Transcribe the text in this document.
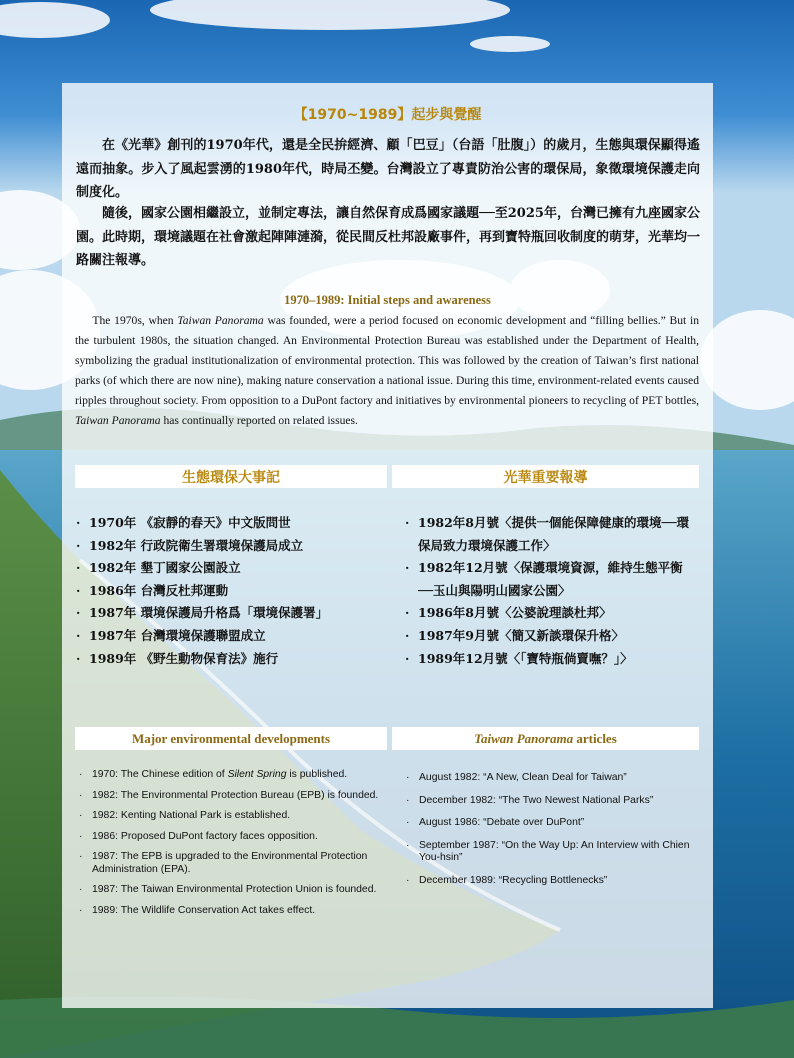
【1970~1989】起步與覺醒

在《光華》創刊的1970年代，還是全民拚經濟、顧「巴豆」（台語「肚腹」）的歲月，生態與環保顯得遙遠而抽象。步入了風起雲湧的1980年代，時局丕變。台灣設立了專責防治公害的環保局，象徵環境保護走向制度化。

隨後，國家公園相繼設立，並制定專法，讓自然保育成爲國家議題──至2025年，台灣已擁有九座國家公園。此時期，環境議題在社會激起陣陣漣漪，從民間反杜邦設廠事件，再到寶特瓶回收制度的萌芽，光華均一路關注報導。

1970–1989: Initial steps and awareness

The 1970s, when Taiwan Panorama was founded, were a period focused on economic development and “filling bellies.” But in the turbulent 1980s, the situation changed. An Environmental Protection Bureau was established under the Department of Health, symbolizing the gradual institutionalization of environmental protection. This was followed by the creation of Taiwan’s first national parks (of which there are now nine), making nature conservation a national issue. During this time, environment-related events caused ripples throughout society. From opposition to a DuPont factory and initiatives by environmental pioneers to recycling of PET bottles, Taiwan Panorama has continually reported on related issues.

生態環保大事記	光華重要報導
· 1970年 《寂靜的春天》中文版問世
· 1982年 行政院衛生署環境保護局成立
· 1982年 墾丁國家公園設立
· 1986年 台灣反杜邦運動
· 1987年 環境保護局升格爲「環境保護署」
· 1987年 台灣環境保護聯盟成立
· 1989年 《野生動物保育法》施行
· 1982年8月號〈提供一個能保障健康的環境──環保局致力環境保護工作〉
· 1982年12月號〈保護環境資源，維持生態平衡──玉山與陽明山國家公園〉
· 1986年8月號〈公婆說理談杜邦〉
· 1987年9月號〈簡又新談環保升格〉
· 1989年12月號〈「寶特瓶倘賣嘸？」〉
Major environmental developments	Taiwan Panorama articles
· 1970: The Chinese edition of Silent Spring is published.
· 1982: The Environmental Protection Bureau (EPB) is founded.
· 1982: Kenting National Park is established.
· 1986: Proposed DuPont factory faces opposition.
· 1987: The EPB is upgraded to the Environmental Protection Administration (EPA).
· 1987: The Taiwan Environmental Protection Union is founded.
· 1989: The Wildlife Conservation Act takes effect.
· August 1982: “A New, Clean Deal for Taiwan”
· December 1982: “The Two Newest National Parks”
· August 1986: “Debate over DuPont”
· September 1987: “On the Way Up: An Interview with Chien You-hsin”
· December 1989: “Recycling Bottlenecks”
